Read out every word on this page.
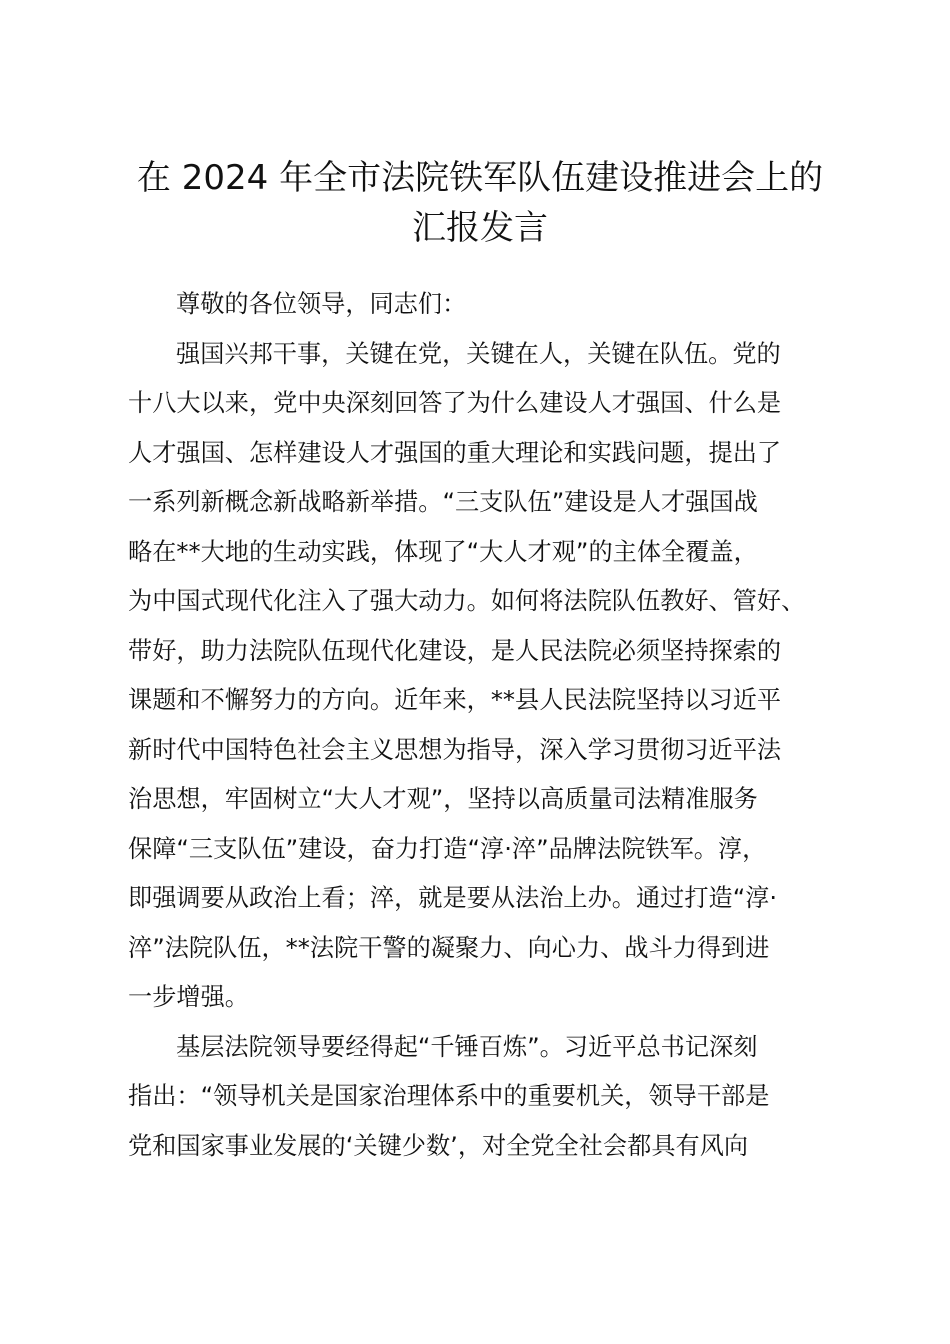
在 2024 年全市法院铁军队伍建设推进会上的
汇报发言
尊敬的各位领导，同志们：
强国兴邦干事，关键在党，关键在人，关键在队伍。党的
十八大以来，党中央深刻回答了为什么建设人才强国、什么是
人才强国、怎样建设人才强国的重大理论和实践问题，提出了
一系列新概念新战略新举措。“三支队伍”建设是人才强国战
略在**大地的生动实践，体现了“大人才观”的主体全覆盖，
为中国式现代化注入了强大动力。如何将法院队伍教好、管好、
带好，助力法院队伍现代化建设，是人民法院必须坚持探索的
课题和不懈努力的方向。近年来，**县人民法院坚持以习近平
新时代中国特色社会主义思想为指导，深入学习贯彻习近平法
治思想，牢固树立“大人才观”，坚持以高质量司法精准服务
保障“三支队伍”建设，奋力打造“淳·淬”品牌法院铁军。淳，
即强调要从政治上看；淬，就是要从法治上办。通过打造“淳·
淬”法院队伍，**法院干警的凝聚力、向心力、战斗力得到进
一步增强。
基层法院领导要经得起“千锤百炼”。习近平总书记深刻
指出：“领导机关是国家治理体系中的重要机关，领导干部是
党和国家事业发展的‘关键少数’，对全党全社会都具有风向
